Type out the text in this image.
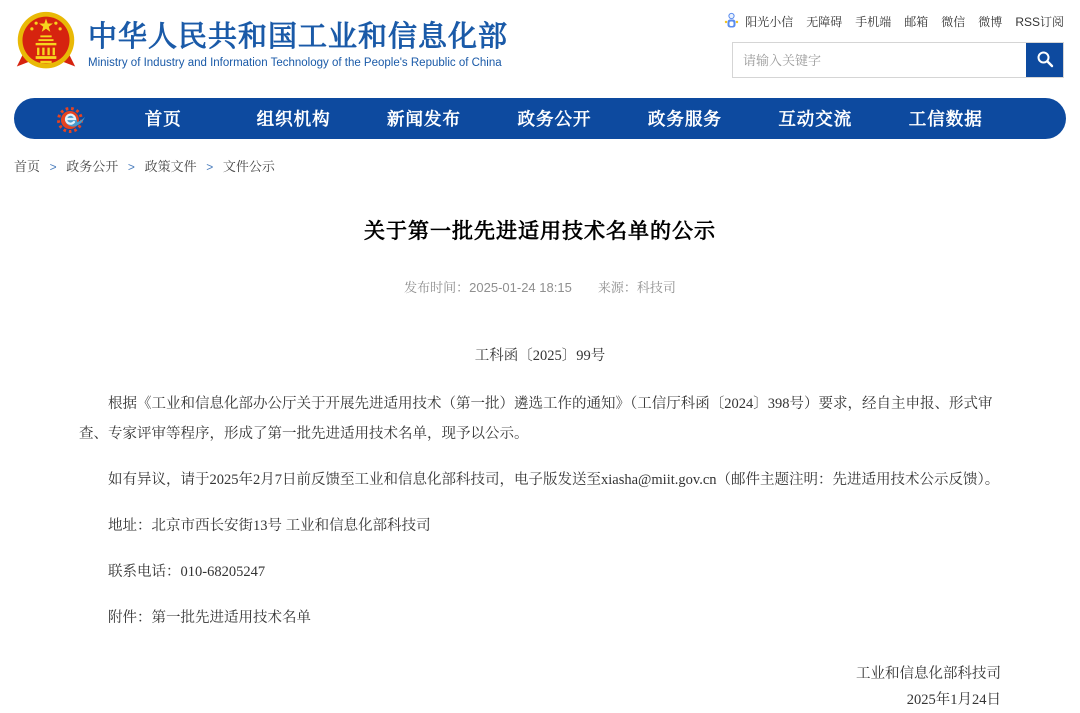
中华人民共和国工业和信息化部
Ministry of Industry and Information Technology of the People's Republic of China
阳光小信 无障碍 手机端 邮箱 微信 微博 RSS订阅
请输入关键字
首页	组织机构	新闻发布	政务公开	政务服务	互动交流	工信数据
首页 > 政务公开 > 政策文件 > 文件公示
关于第一批先进适用技术名单的公示
发布时间：2025-01-24 18:15 来源：科技司
工科函〔2025〕99号

根据《工业和信息化部办公厅关于开展先进适用技术（第一批）遴选工作的通知》（工信厅科函〔2024〕398号）要求，经自主申报、形式审查、专家评审等程序，形成了第一批先进适用技术名单，现予以公示。

如有异议，请于2025年2月7日前反馈至工业和信息化部科技司，电子版发送至xiasha@miit.gov.cn（邮件主题注明：先进适用技术公示反馈）。

地址：北京市西长安街13号 工业和信息化部科技司

联系电话：010-68205247

附件：第一批先进适用技术名单

工业和信息化部科技司
2025年1月24日
